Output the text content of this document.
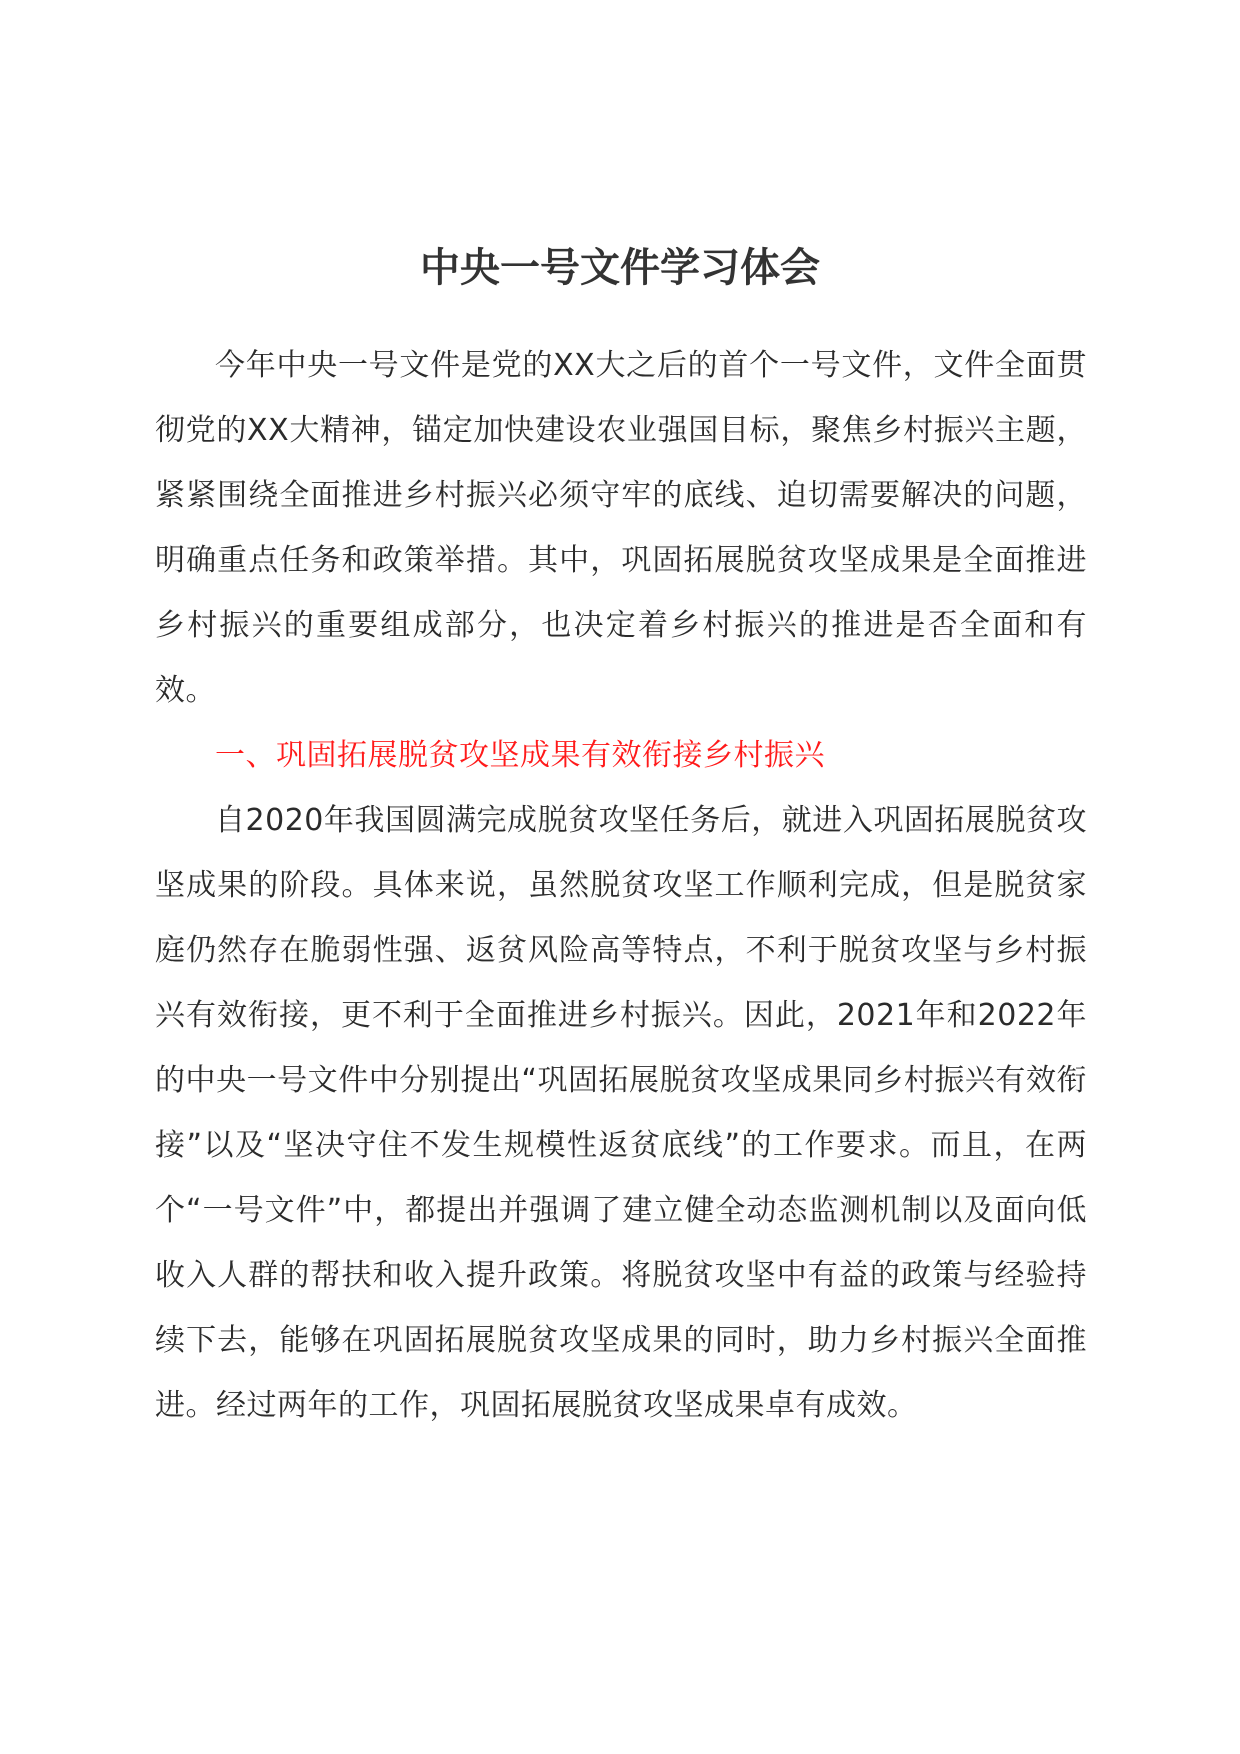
中央一号文件学习体会

今年中央一号文件是党的XX大之后的首个一号文件，文件全面贯彻党的XX大精神，锚定加快建设农业强国目标，聚焦乡村振兴主题，紧紧围绕全面推进乡村振兴必须守牢的底线、迫切需要解决的问题，明确重点任务和政策举措。其中，巩固拓展脱贫攻坚成果是全面推进乡村振兴的重要组成部分，也决定着乡村振兴的推进是否全面和有效。

一、巩固拓展脱贫攻坚成果有效衔接乡村振兴

自2020年我国圆满完成脱贫攻坚任务后，就进入巩固拓展脱贫攻坚成果的阶段。具体来说，虽然脱贫攻坚工作顺利完成，但是脱贫家庭仍然存在脆弱性强、返贫风险高等特点，不利于脱贫攻坚与乡村振兴有效衔接，更不利于全面推进乡村振兴。因此，2021年和2022年的中央一号文件中分别提出“巩固拓展脱贫攻坚成果同乡村振兴有效衔接”以及“坚决守住不发生规模性返贫底线”的工作要求。而且，在两个“一号文件”中，都提出并强调了建立健全动态监测机制以及面向低收入人群的帮扶和收入提升政策。将脱贫攻坚中有益的政策与经验持续下去，能够在巩固拓展脱贫攻坚成果的同时，助力乡村振兴全面推进。经过两年的工作，巩固拓展脱贫攻坚成果卓有成效。
